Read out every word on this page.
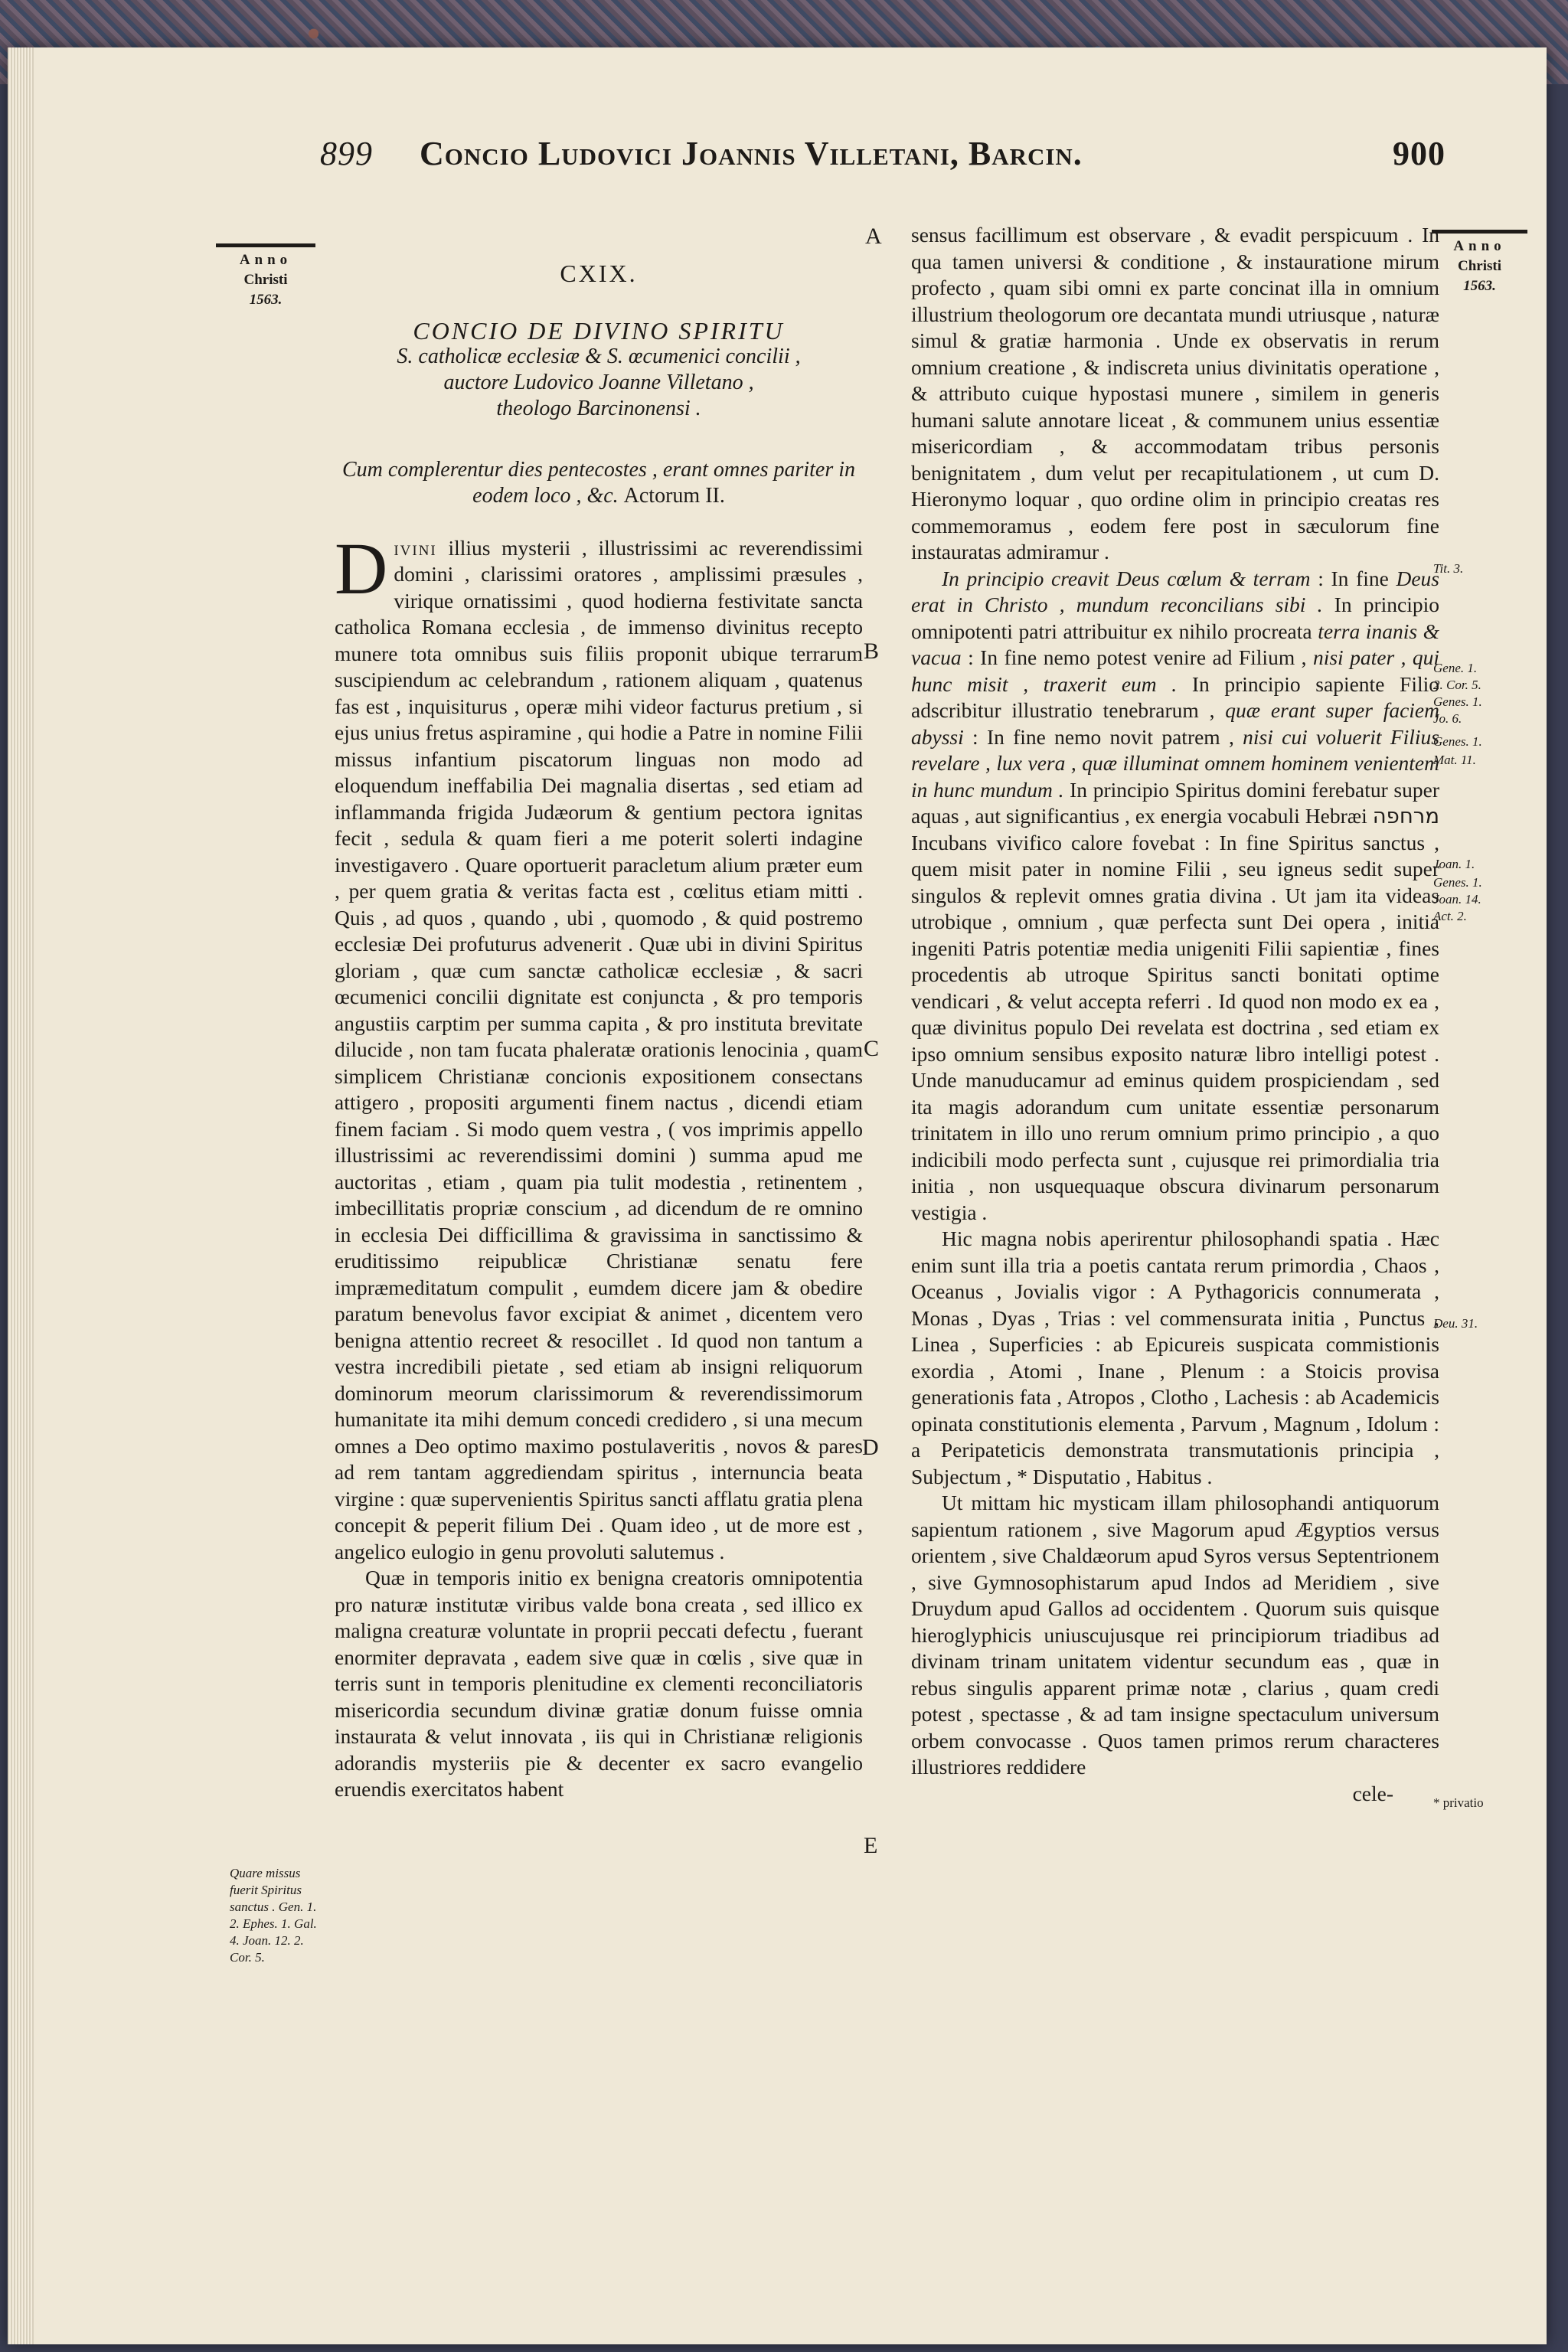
899 Concio Ludovici Joannis Villetani, Barcin.	900
Anno
Christi
1563.
Anno
Christi
1563.
CXIX.
CONCIO DE DIVINO SPIRITU
S. catholicæ ecclesiæ & S. œcumenici concilii ,
auctore Ludovico Joanne Villetano ,
theologo Barcinonensi .
Cum complerentur dies pentecostes , erant omnes pariter in eodem loco , &c. Actorum II.

D ivini illius mysterii , illustrissimi ac reverendissimi domini , clarissimi oratores , amplissimi præsules , virique ornatissimi , quod hodierna festivitate sancta catholica Romana ecclesia , de immenso divinitus recepto munere tota omnibus suis filiis proponit ubique terrarum suscipiendum ac celebrandum , rationem aliquam , quatenus fas est , inquisiturus , operæ mihi videor facturus pretium , si ejus unius fretus aspiramine , qui hodie a Patre in nomine Filii missus infantium piscatorum linguas non modo ad eloquendum ineffabilia Dei magnalia disertas , sed etiam ad inflammanda frigida Judæorum & gentium pectora ignitas fecit , sedula & quam fieri a me poterit solerti indagine investigavero . Quare oportuerit paracletum alium præter eum , per quem gratia & veritas facta est , cœlitus etiam mitti . Quis , ad quos , quando , ubi , quomodo , & quid postremo ecclesiæ Dei profuturus advenerit . Quæ ubi in divini Spiritus gloriam , quæ cum sanctæ catholicæ ecclesiæ , & sacri œcumenici concilii dignitate est conjuncta , & pro temporis angustiis carptim per summa capita , & pro instituta brevitate dilucide , non tam fucata phaleratæ orationis lenocinia , quam simplicem Christianæ concionis expositionem consectans attigero , propositi argumenti finem nactus , dicendi etiam finem faciam . Si modo quem vestra , ( vos imprimis appello illustrissimi ac reverendissimi domini ) summa apud me auctoritas , etiam , quam pia tulit modestia , retinentem , imbecillitatis propriæ conscium , ad dicendum de re omnino in ecclesia Dei difficillima & gravissima in sanctissimo & eruditissimo reipublicæ Christianæ senatu fere impræmeditatum compulit , eumdem dicere jam & obedire paratum benevolus favor excipiat & animet , dicentem vero benigna attentio recreet & resocillet . Id quod non tantum a vestra incredibili pietate , sed etiam ab insigni reliquorum dominorum meorum clarissimorum & reverendissimorum humanitate ita mihi demum concedi credidero , si una mecum omnes a Deo optimo maximo postulaveritis , novos & pares ad rem tantam aggrediendam spiritus , internuncia beata virgine : quæ supervenientis Spiritus sancti afflatu gratia plena concepit & peperit filium Dei . Quam ideo , ut de more est , angelico eulogio in genu provoluti salutemus .

Quæ in temporis initio ex benigna creatoris omnipotentia pro naturæ institutæ viribus valde bona creata , sed illico ex maligna creaturæ voluntate in proprii peccati defectu , fuerant enormiter depravata , eadem sive quæ in cœlis , sive quæ in terris sunt in temporis plenitudine ex clementi reconciliatoris misericordia secundum divinæ gratiæ donum fuisse omnia instaurata & velut innovata , iis qui in Christianæ religionis adorandis mysteriis pie & decenter ex sacro evangelio eruendis exercitatos habent

sensus facillimum est observare , & evadit perspicuum . In qua tamen universi & conditione , & instauratione mirum profecto , quam sibi omni ex parte concinat illa in omnium illustrium theologorum ore decantata mundi utriusque , naturæ simul & gratiæ harmonia . Unde ex observatis in rerum omnium creatione , & indiscreta unius divinitatis operatione , & attributo cuique hypostasi munere , similem in generis humani salute annotare liceat , & communem unius essentiæ misericordiam , & accommodatam tribus personis benignitatem , dum velut per recapitulationem , ut cum D. Hieronymo loquar , quo ordine olim in principio creatas res commemoramus , eodem fere post in sæculorum fine instauratas admiramur .

In principio creavit Deus cœlum & terram : In fine Deus erat in Christo , mundum reconcilians sibi . In principio omnipotenti patri attribuitur ex nihilo procreata terra inanis & vacua : In fine nemo potest venire ad Filium , nisi pater , qui hunc misit , traxerit eum . In principio sapiente Filio adscribitur illustratio tenebrarum , quæ erant super faciem abyssi : In fine nemo novit patrem , nisi cui voluerit Filius revelare , lux vera , quæ illuminat omnem hominem venientem in hunc mundum . In principio Spiritus domini ferebatur super aquas , aut significantius , ex energia vocabuli Hebræi מרחפה Incubans vivifico calore fovebat : In fine Spiritus sanctus , quem misit pater in nomine Filii , seu igneus sedit super singulos & replevit omnes gratia divina . Ut jam ita videas utrobique , omnium , quæ perfecta sunt Dei opera , initia ingeniti Patris potentiæ media unigeniti Filii sapientiæ , fines procedentis ab utroque Spiritus sancti bonitati optime vendicari , & velut accepta referri . Id quod non modo ex ea , quæ divinitus populo Dei revelata est doctrina , sed etiam ex ipso omnium sensibus exposito naturæ libro intelligi potest . Unde manuducamur ad eminus quidem prospiciendam , sed ita magis adorandum cum unitate essentiæ personarum trinitatem in illo uno rerum omnium primo principio , a quo indicibili modo perfecta sunt , cujusque rei primordialia tria initia , non usquequaque obscura divinarum personarum vestigia .

Hic magna nobis aperirentur philosophandi spatia . Hæc enim sunt illa tria a poetis cantata rerum primordia , Chaos , Oceanus , Jovialis vigor : A Pythagoricis connumerata , Monas , Dyas , Trias : vel commensurata initia , Punctus , Linea , Superficies : ab Epicureis suspicata commistionis exordia , Atomi , Inane , Plenum : a Stoicis provisa generationis fata , Atropos , Clotho , Lachesis : ab Academicis opinata constitutionis elementa , Parvum , Magnum , Idolum : a Peripateticis demonstrata transmutationis principia , Subjectum , * Disputatio , Habitus .

Ut mittam hic mysticam illam philosophandi antiquorum sapientum rationem , sive Magorum apud Ægyptios versus orientem , sive Chaldæorum apud Syros versus Septentrionem , sive Gymnosophistarum apud Indos ad Meridiem , sive Druydum apud Gallos ad occidentem . Quorum suis quisque hieroglyphicis uniuscujusque rei principiorum triadibus ad divinam trinam unitatem videntur secundum eas , quæ in rebus singulis apparent primæ notæ , clarius , quam credi potest , spectasse , & ad tam insigne spectaculum universum orbem convocasse . Quos tamen primos rerum characteres illustriores reddidere

cele-
A
B
C
D
E
Quare missus fuerit Spiritus sanctus . Gen. 1. 2. Ephes. 1. Gal. 4. Joan. 12. 2. Cor. 5.
Tit. 3.
Gene. 1.
2. Cor. 5.
Genes. 1.
Jo. 6.
Genes. 1.
Mat. 11.
Joan. 1.
Genes. 1.
Joan. 14.
Act. 2.
Deu. 31.
* privatio
